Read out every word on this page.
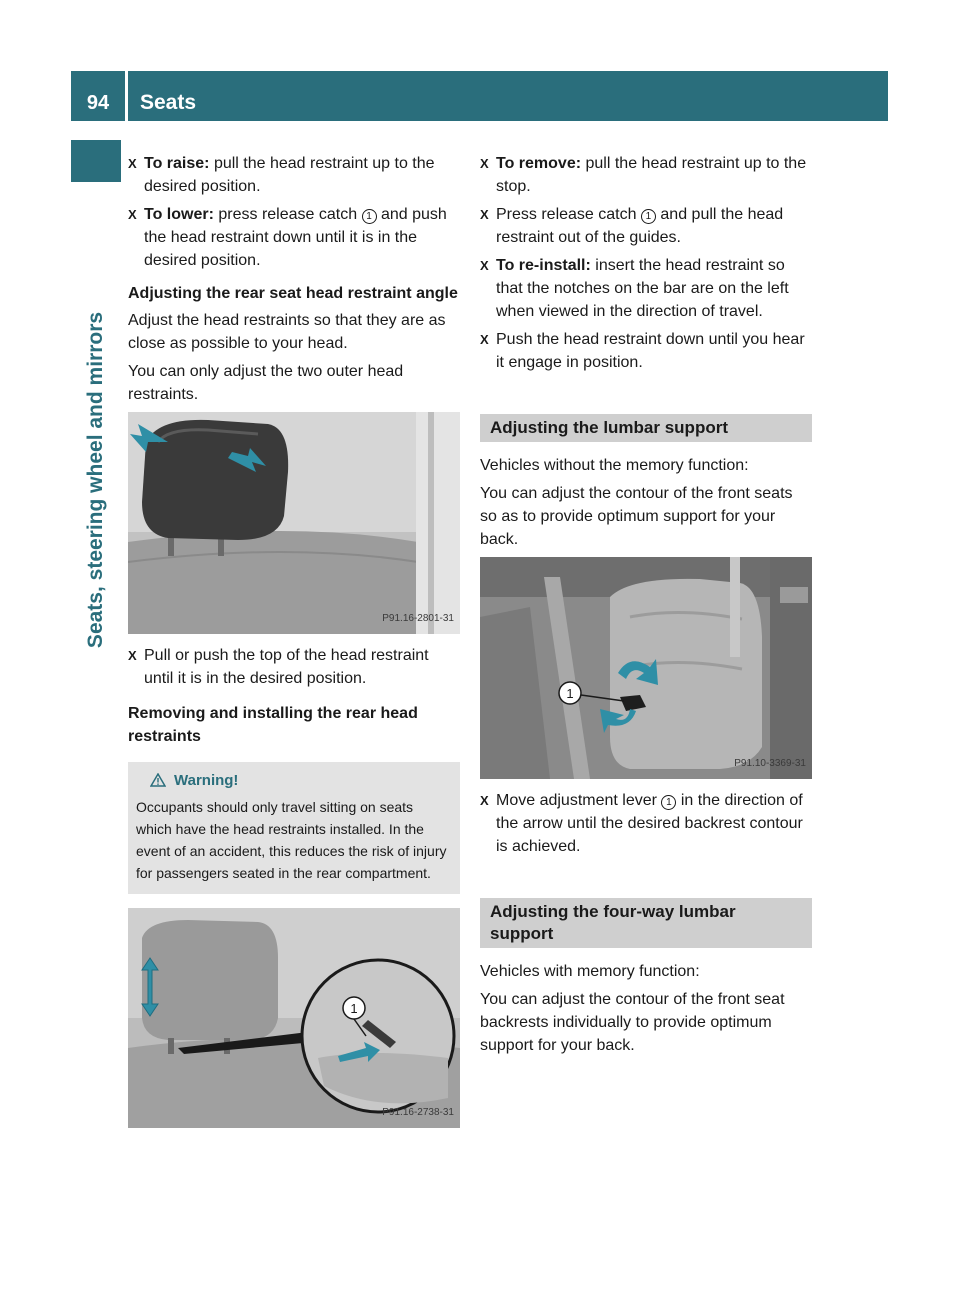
94	Seats
Seats, steering wheel and mirrors
X To raise: pull the head restraint up to the desired position.
X To lower: press release catch 1 and push the head restraint down until it is in the desired position.
Adjusting the rear seat head restraint angle

Adjust the head restraints so that they are as close as possible to your head.

You can only adjust the two outer head restraints.

P91.16-2801-31
X Pull or push the top of the head restraint until it is in the desired position.
Removing and installing the rear head restraints
Warning!
Occupants should only travel sitting on seats which have the head restraints installed. In the event of an accident, this reduces the risk of injury for passengers seated in the rear compartment.
1
P91.16-2738-31
X To remove: pull the head restraint up to the stop.
X Press release catch 1 and pull the head restraint out of the guides.
X To re-install: insert the head restraint so that the notches on the bar are on the left when viewed in the direction of travel.
X Push the head restraint down until you hear it engage in position.
Adjusting the lumbar support

Vehicles without the memory function:

You can adjust the contour of the front seats so as to provide optimum support for your back.

1
P91.10-3369-31
X Move adjustment lever 1 in the direction of the arrow until the desired backrest contour is achieved.
Adjusting the four-way lumbar support

Vehicles with memory function:

You can adjust the contour of the front seat backrests individually to provide optimum support for your back.
